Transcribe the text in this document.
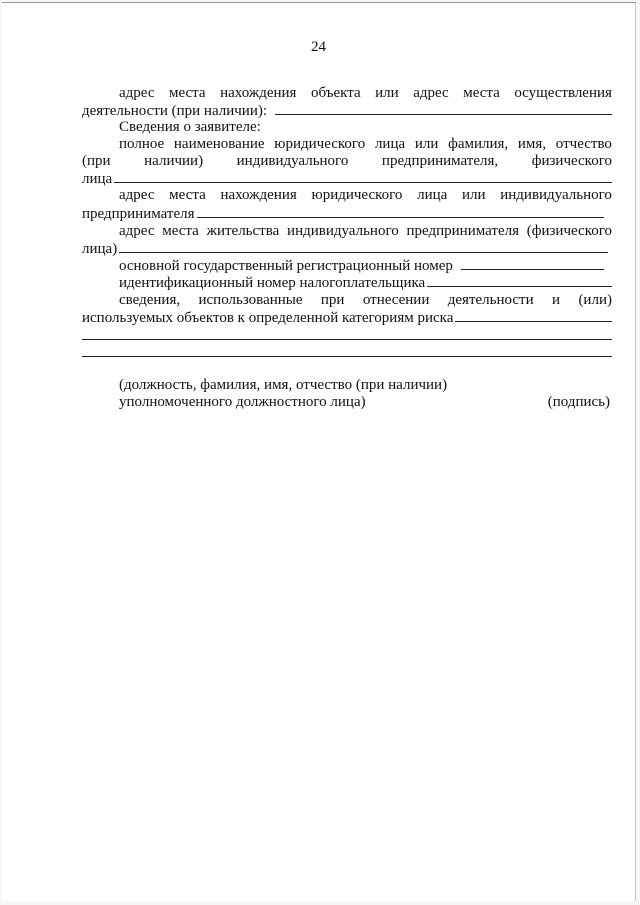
24
адрес места нахождения объекта или адрес места осуществления
деятельности (при наличии):
Сведения о заявителе:
полное наименование юридического лица или фамилия, имя, отчество
(при наличии) индивидуального предпринимателя, физического
лица
адрес места нахождения юридического лица или индивидуального
предпринимателя
адрес места жительства индивидуального предпринимателя (физического
лица)
основной государственный регистрационный номер
идентификационный номер налогоплательщика
сведения, использованные при отнесении деятельности и (или)
используемых объектов к определенной категориям риска
(должность, фамилия, имя, отчество (при наличии)
уполномоченного должностного лица)	(подпись)
